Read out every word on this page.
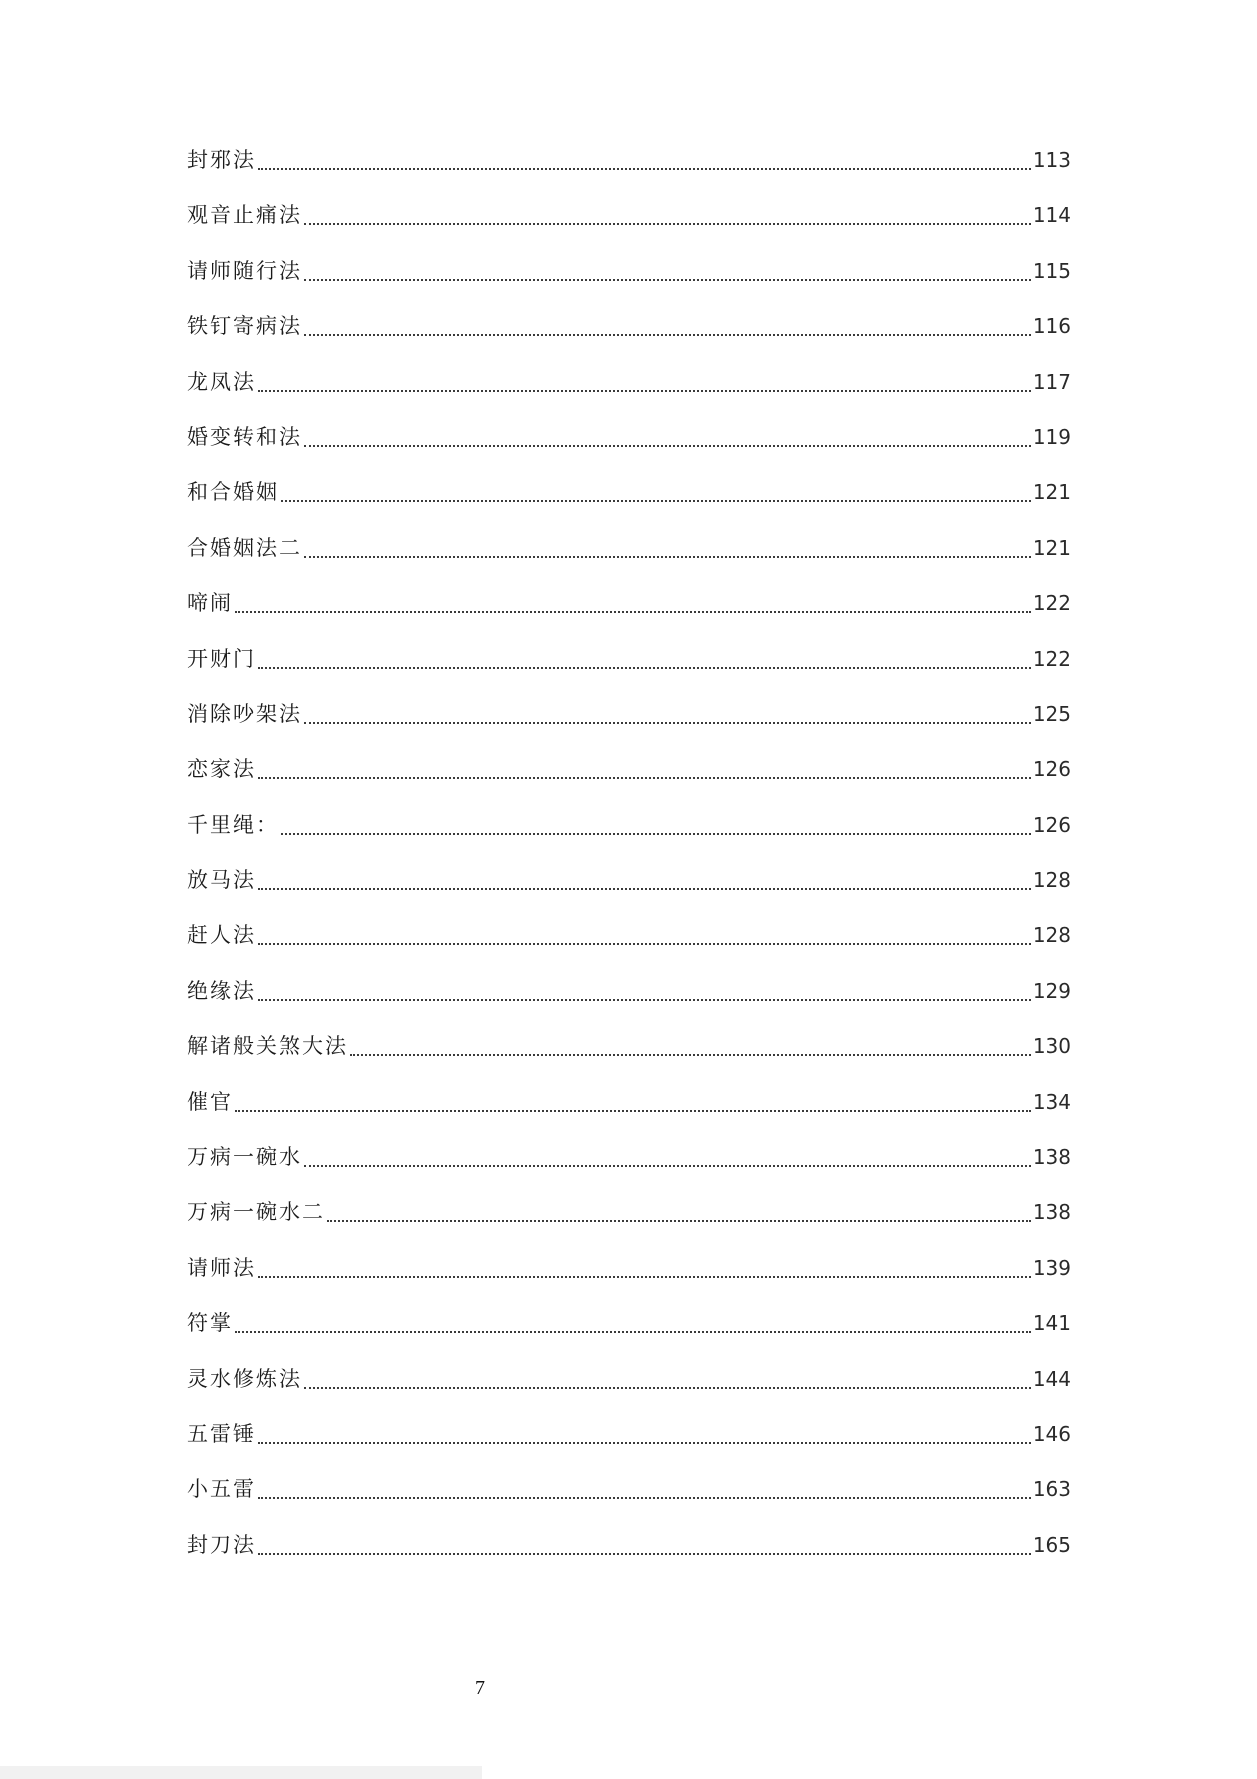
封邪法	113
观音止痛法	114
请师随行法	115
铁钉寄病法	116
龙凤法	117
婚变转和法	119
和合婚姻	121
合婚姻法二	121
啼闹	122
开财门	122
消除吵架法	125
恋家法	126
千里绳：	126
放马法	128
赶人法	128
绝缘法	129
解诸般关煞大法	130
催官	134
万病一碗水	138
万病一碗水二	138
请师法	139
符掌	141
灵水修炼法	144
五雷锤	146
小五雷	163
封刀法	165
7
